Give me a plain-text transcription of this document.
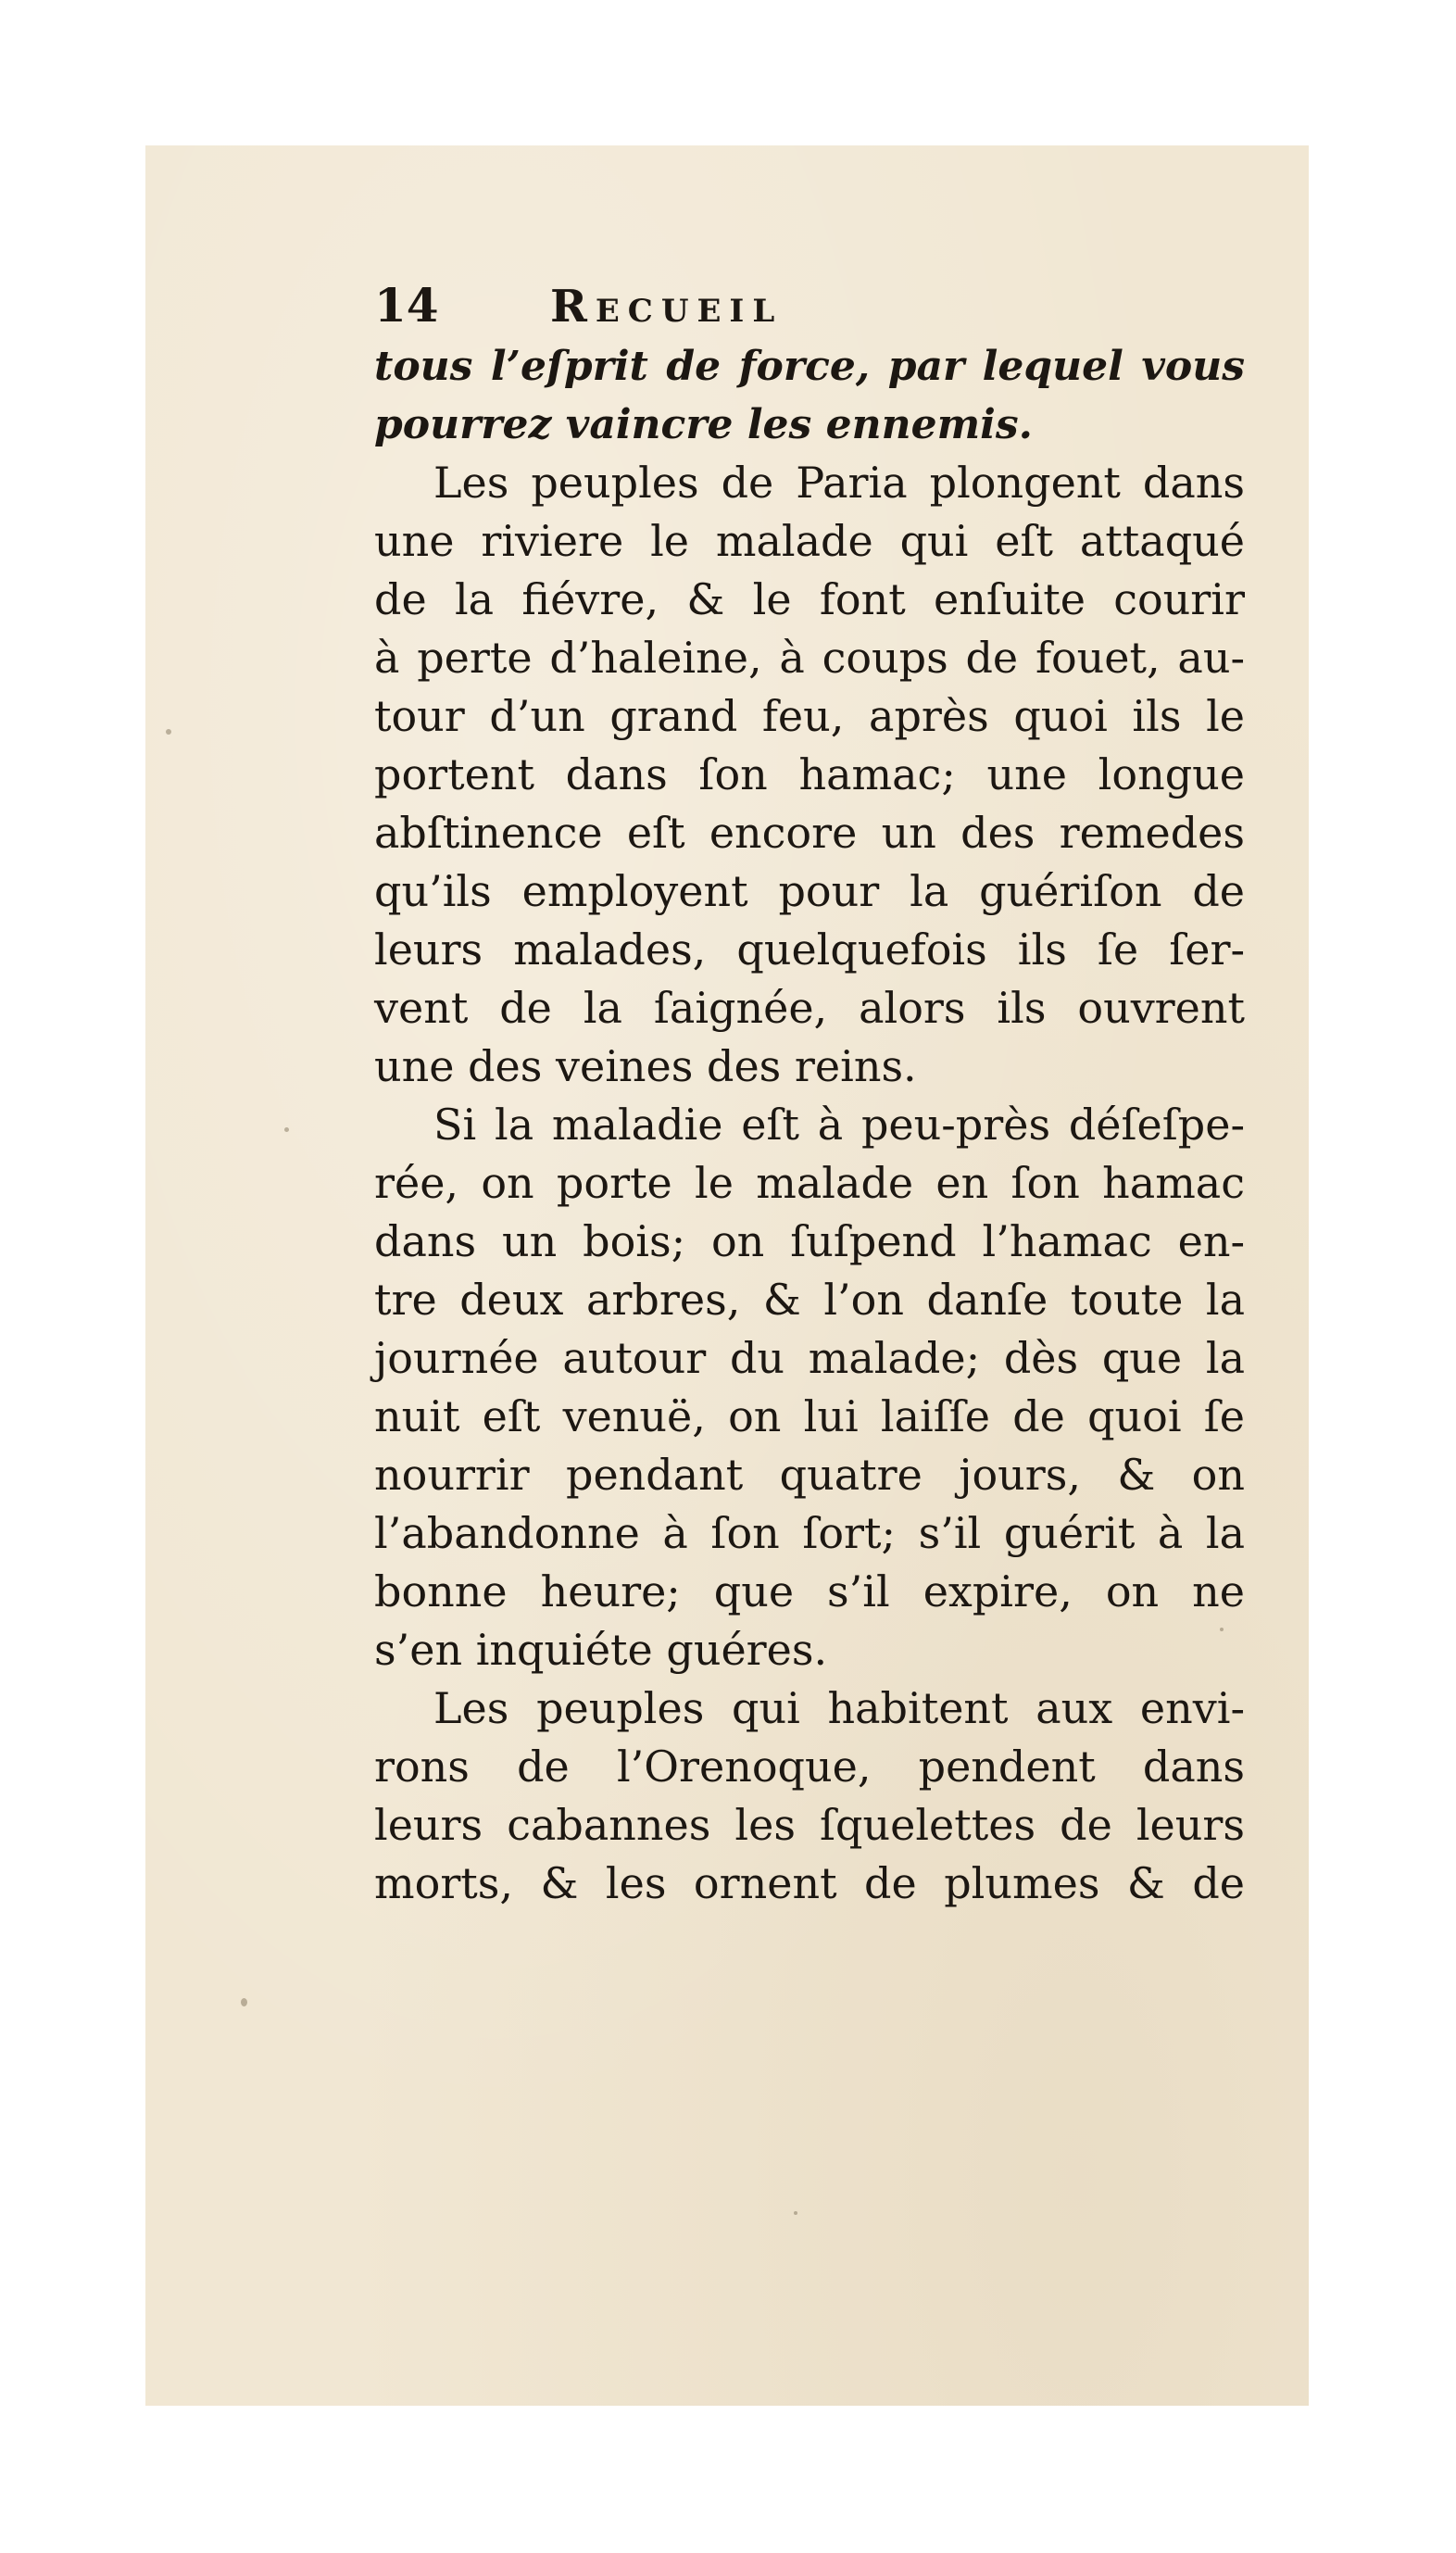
14	Recueil
tous l’eſprit de force, par lequel vous
pourrez vaincre les ennemis.
Les peuples de Paria plongent dans
une riviere le malade qui eſt attaqué
de la fiévre, & le font enſuite courir
à perte d’haleine, à coups de fouet, au-
tour d’un grand feu, après quoi ils le
portent dans ſon hamac; une longue
abſtinence eſt encore un des remedes
qu’ils employent pour la guériſon de
leurs malades, quelquefois ils ſe ſer-
vent de la ſaignée, alors ils ouvrent
une des veines des reins.
Si la maladie eſt à peu-près déſeſpe-
rée, on porte le malade en ſon hamac
dans un bois; on ſuſpend l’hamac en-
tre deux arbres, & l’on danſe toute la
journée autour du malade; dès que la
nuit eſt venuë, on lui laiſſe de quoi ſe
nourrir pendant quatre jours, & on
l’abandonne à ſon ſort; s’il guérit à la
bonne heure; que s’il expire, on ne
s’en inquiéte guéres.
Les peuples qui habitent aux envi-
rons de l’Orenoque, pendent dans
leurs cabannes les ſquelettes de leurs
morts, & les ornent de plumes & de
